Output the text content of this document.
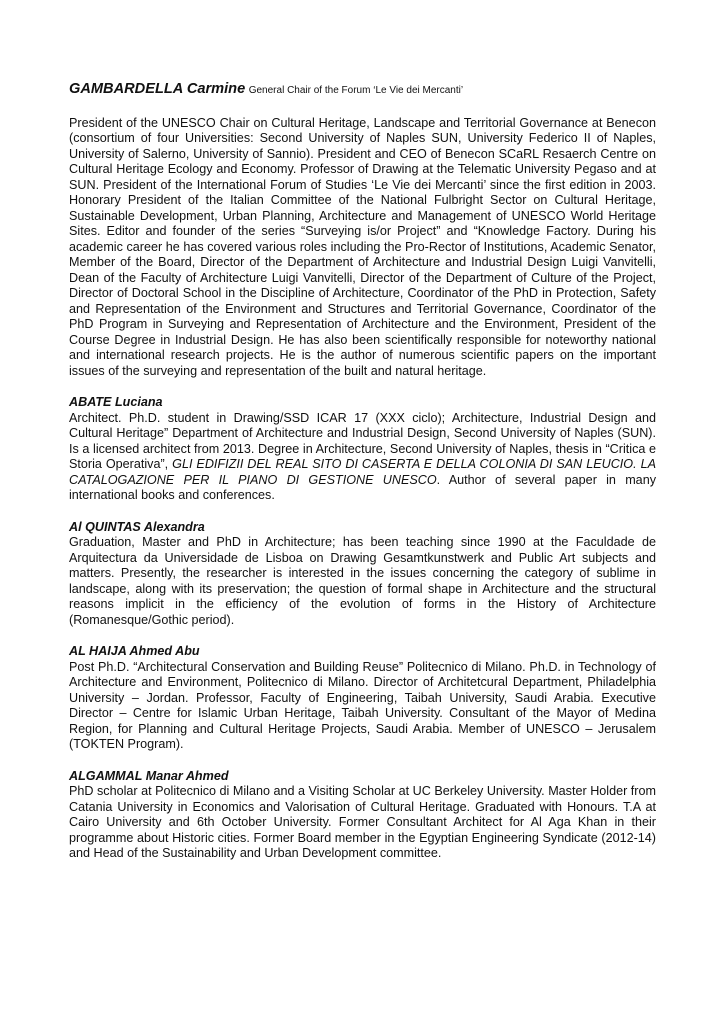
GAMBARDELLA Carmine General Chair of the Forum ‘Le Vie dei Mercanti’

President of the UNESCO Chair on Cultural Heritage, Landscape and Territorial Governance at Benecon (consortium of four Universities: Second University of Naples SUN, University Federico II of Naples, University of Salerno, University of Sannio). President and CEO of Benecon SCaRL Resaerch Centre on Cultural Heritage Ecology and Economy. Professor of Drawing at the Telematic University Pegaso and at SUN. President of the International Forum of Studies ‘Le Vie dei Mercanti’ since the first edition in 2003. Honorary President of the Italian Committee of the National Fulbright Sector on Cultural Heritage, Sustainable Development, Urban Planning, Architecture and Management of UNESCO World Heritage Sites. Editor and founder of the series “Surveying is/or Project” and “Knowledge Factory. During his academic career he has covered various roles including the Pro-Rector of Institutions, Academic Senator, Member of the Board, Director of the Department of Architecture and Industrial Design Luigi Vanvitelli, Dean of the Faculty of Architecture Luigi Vanvitelli, Director of the Department of Culture of the Project, Director of Doctoral School in the Discipline of Architecture, Coordinator of the PhD in Protection, Safety and Representation of the Environment and Structures and Territorial Governance, Coordinator of the PhD Program in Surveying and Representation of Architecture and the Environment, President of the Course Degree in Industrial Design. He has also been scientifically responsible for noteworthy national and international research projects. He is the author of numerous scientific papers on the important issues of the surveying and representation of the built and natural heritage.

ABATE Luciana

Architect. Ph.D. student in Drawing/SSD ICAR 17 (XXX ciclo); Architecture, Industrial Design and Cultural Heritage” Department of Architecture and Industrial Design, Second University of Naples (SUN). Is a licensed architect from 2013. Degree in Architecture, Second University of Naples, thesis in “Critica e Storia Operativa”, GLI EDIFIZII DEL REAL SITO DI CASERTA E DELLA COLONIA DI SAN LEUCIO. LA CATALOGAZIONE PER IL PIANO DI GESTIONE UNESCO. Author of several paper in many international books and conferences.

Al QUINTAS Alexandra

Graduation, Master and PhD in Architecture; has been teaching since 1990 at the Faculdade de Arquitectura da Universidade de Lisboa on Drawing Gesamtkunstwerk and Public Art subjects and matters. Presently, the researcher is interested in the issues concerning the category of sublime in landscape, along with its preservation; the question of formal shape in Architecture and the structural reasons implicit in the efficiency of the evolution of forms in the History of Architecture (Romanesque/Gothic period).

AL HAIJA Ahmed Abu

Post Ph.D. “Architectural Conservation and Building Reuse” Politecnico di Milano. Ph.D. in Technology of Architecture and Environment, Politecnico di Milano. Director of Architetcural Department, Philadelphia University – Jordan. Professor, Faculty of Engineering, Taibah University, Saudi Arabia. Executive Director – Centre for Islamic Urban Heritage, Taibah University. Consultant of the Mayor of Medina Region, for Planning and Cultural Heritage Projects, Saudi Arabia. Member of UNESCO – Jerusalem (TOKTEN Program).

ALGAMMAL Manar Ahmed

PhD scholar at Politecnico di Milano and a Visiting Scholar at UC Berkeley University. Master Holder from Catania University in Economics and Valorisation of Cultural Heritage. Graduated with Honours. T.A at Cairo University and 6th October University. Former Consultant Architect for Al Aga Khan in their programme about Historic cities. Former Board member in the Egyptian Engineering Syndicate (2012-14) and Head of the Sustainability and Urban Development committee.
